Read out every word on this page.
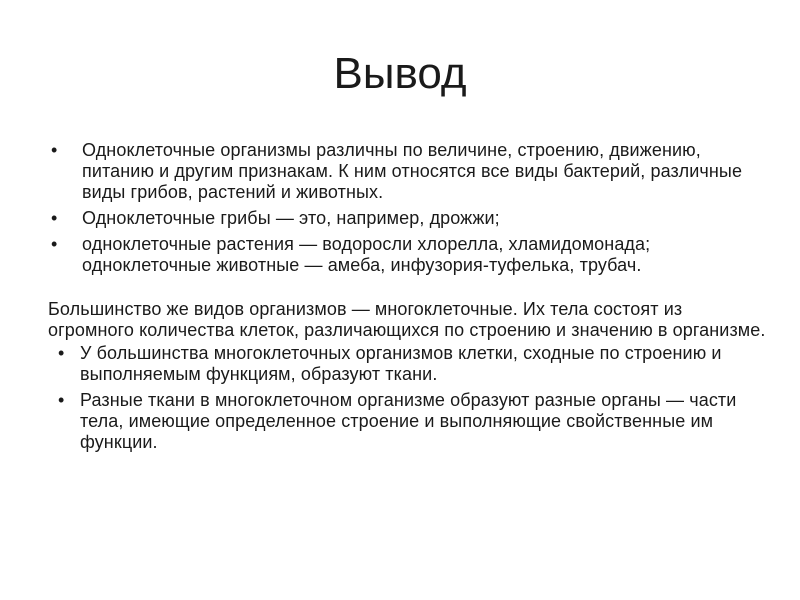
Вывод
•	Одноклеточные организмы различны по величине, строению, движению, питанию и другим признакам. К ним относятся все виды бактерий, различные виды грибов, растений и животных.
•	Одноклеточные грибы — это, например, дрожжи;
•	одноклеточные растения — водоросли хлорелла, хламидомонада; одноклеточные животные — амеба, инфузория-туфелька, трубач.
Большинство же видов организмов — многоклеточные. Их тела состоят из огромного количества клеток, различающихся по строению и значению в организме.
• У большинства многоклеточных организмов клетки, сходные по строению и выполняемым функциям, образуют ткани.
• Разные ткани в многоклеточном организме образуют разные органы — части тела, имеющие определенное строение и выполняющие свойственные им функции.
